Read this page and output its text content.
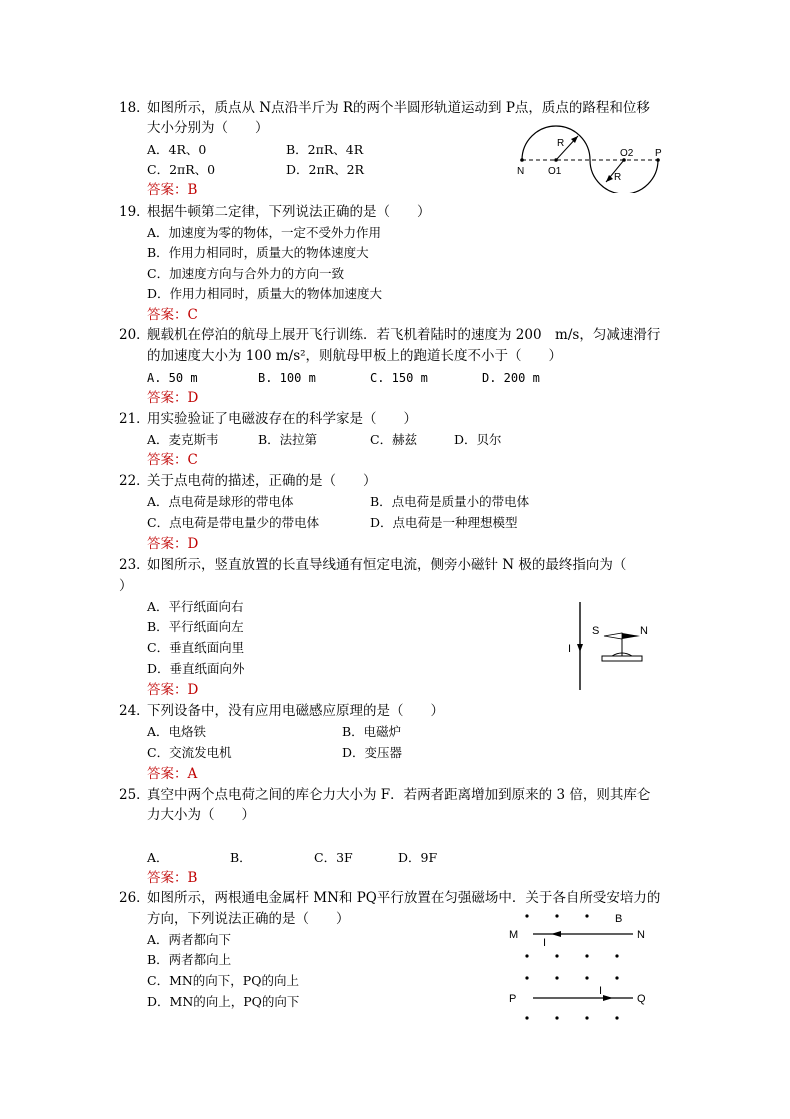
18．
如图所示，质点从 N点沿半斤为 R的两个半圆形轨道运动到 P点，质点的路程和位移
大小分别为（　　）
A．4R、0	B．2πR、4R
C．2πR、0	D．2πR、2R
答案：B
N O1
O2 P
R
R
19．
根据牛顿第二定律，下列说法正确的是（　　）
A．加速度为零的物体，一定不受外力作用
B．作用力相同时，质量大的物体速度大
C．加速度方向与合外力的方向一致
D．作用力相同时，质量大的物体加速度大
答案：C
20．
舰载机在停泊的航母上展开飞行训练．若飞机着陆时的速度为 200　m/s，匀减速滑行
的加速度大小为 100 m/s²，则航母甲板上的跑道长度不小于（　　）
A. 50 m	B. 100 m	C. 150 m	D. 200 m
答案：D
21．
用实验验证了电磁波存在的科学家是（　　）
A．麦克斯韦	B．法拉第	C．赫兹	D．贝尔
答案：C
22．
关于点电荷的描述，正确的是（　　）
A．点电荷是球形的带电体	B．点电荷是质量小的带电体
C．点电荷是带电量少的带电体	D．点电荷是一种理想模型
答案：D
23．
如图所示，竖直放置的长直导线通有恒定电流，侧旁小磁针 N 极的最终指向为（
）
A．平行纸面向右
B．平行纸面向左
C．垂直纸面向里
D．垂直纸面向外
答案：D
I
S	N
24．
下列设备中，没有应用电磁感应原理的是（　　）
A．电烙铁	B．电磁炉
C．交流发电机	D．变压器
答案：A
25．
真空中两个点电荷之间的库仑力大小为 F．若两者距离增加到原来的 3 倍，则其库仑
力大小为（　　）
A．	B．	C．3F	D．9F
答案：B
26．
如图所示，两根通电金属杆 MN和 PQ平行放置在匀强磁场中．关于各自所受安培力的
方向，下列说法正确的是（　　）
A．两者都向下
B．两者都向上
C．MN的向下，PQ的向上
D．MN的向上，PQ的向下
M	N
I
B
P	Q
I
